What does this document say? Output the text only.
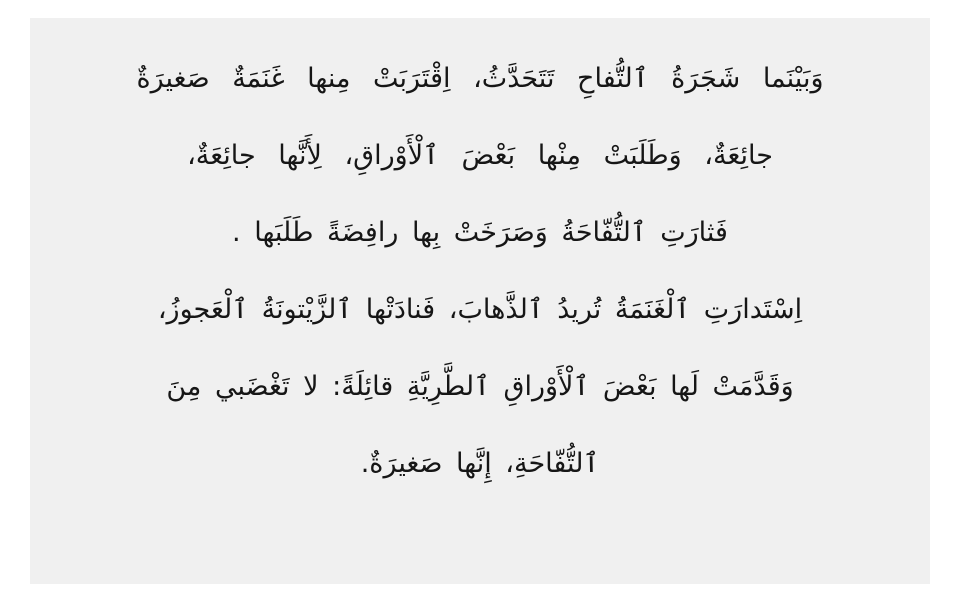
وَبَيْنَما شَجَرَةُ ٱلتُّفاحِ تَتَحَدَّثُ، اِقْتَرَبَتْ مِنها غَنَمَةٌ صَغيرَةٌ
جائِعَةٌ، وَطَلَبَتْ مِنْها بَعْضَ ٱلْأَوْراقِ، لِأَنَّها جائِعَةٌ،
فَثارَتِ ٱلتُّفّاحَةُ وَصَرَخَتْ بِها رافِضَةً طَلَبَها .
اِسْتَدارَتِ ٱلْغَنَمَةُ تُريدُ ٱلذَّهابَ، فَنادَتْها ٱلزَّيْتونَةُ ٱلْعَجوزُ،
وَقَدَّمَتْ لَها بَعْضَ ٱلْأَوْراقِ ٱلطَّرِيَّةِ قائِلَةً: لا تَغْضَبي مِنَ
ٱلتُّفّاحَةِ، إِنَّها صَغيرَةٌ.
